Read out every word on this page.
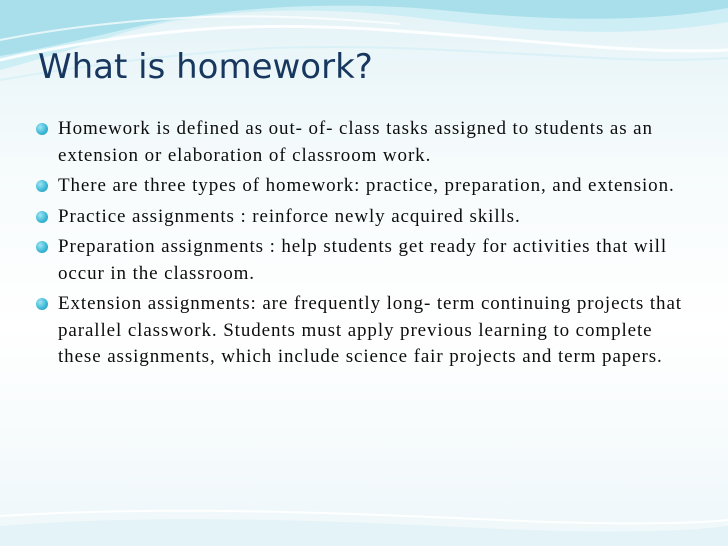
What is homework?
Homework is defined as out- of- class tasks assigned to students as an extension or elaboration of classroom work.
There are three types of homework: practice, preparation, and extension.
Practice assignments : reinforce newly acquired skills.
Preparation assignments : help students get ready for activities that will occur in the classroom.
Extension assignments: are frequently long- term continuing projects that parallel classwork. Students must apply previous learning to complete these assignments, which include science fair projects and term papers.
